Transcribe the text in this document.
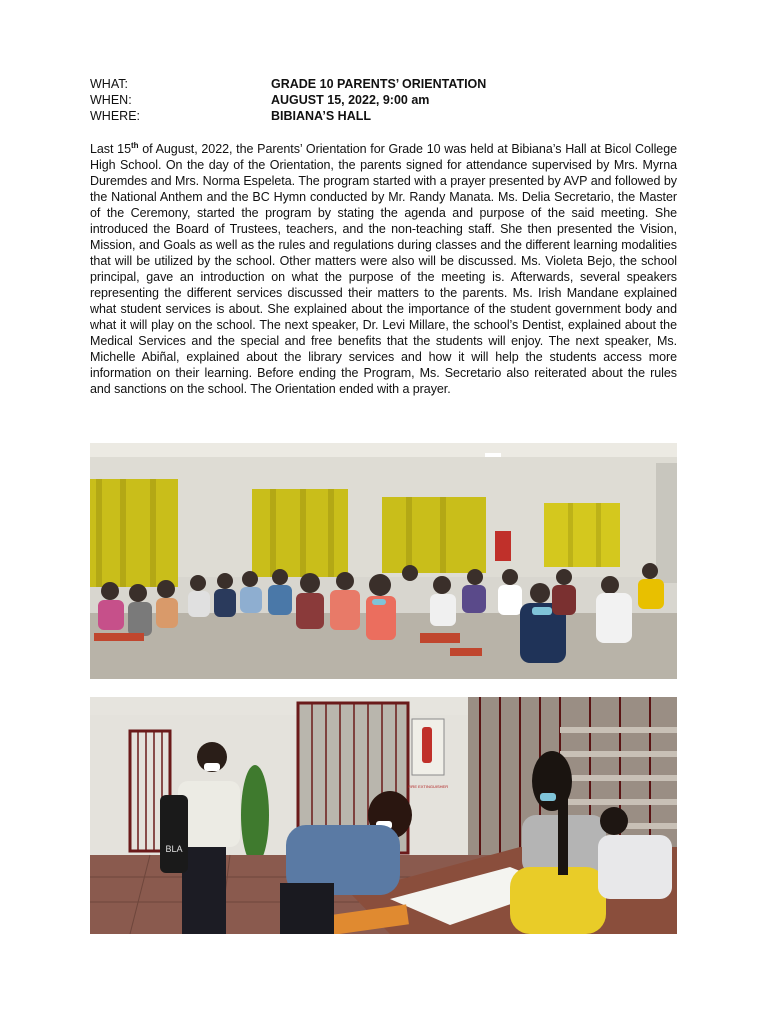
WHAT:	GRADE 10 PARENTS’ ORIENTATION
WHEN:	AUGUST 15, 2022, 9:00 am
WHERE:	BIBIANA’S HALL

Last 15th of August, 2022, the Parents’ Orientation for Grade 10 was held at Bibiana’s Hall at Bicol College High School. On the day of the Orientation, the parents signed for attendance supervised by Mrs. Myrna Duremdes and Mrs. Norma Espeleta. The program started with a prayer presented by AVP and followed by the National Anthem and the BC Hymn conducted by Mr. Randy Manata. Ms. Delia Secretario, the Master of the Ceremony, started the program by stating the agenda and purpose of the said meeting. She introduced the Board of Trustees, teachers, and the non-teaching staff. She then presented the Vision, Mission, and Goals as well as the rules and regulations during classes and the different learning modalities that will be utilized by the school. Other matters were also will be discussed. Ms. Violeta Bejo, the school principal, gave an introduction on what the purpose of the meeting is. Afterwards, several speakers representing the different services discussed their matters to the parents. Ms. Irish Mandane explained what student services is about. She explained about the importance of the student government body and what it will play on the school. The next speaker, Dr. Levi Millare, the school’s Dentist, explained about the Medical Services and the special and free benefits that the students will enjoy. The next speaker, Ms. Michelle Abiñal, explained about the library services and how it will help the students access more information on their learning. Before ending the Program, Ms. Secretario also reiterated about the rules and sanctions on the school. The Orientation ended with a prayer.

FIRE EXTINGUISHER
BLA
